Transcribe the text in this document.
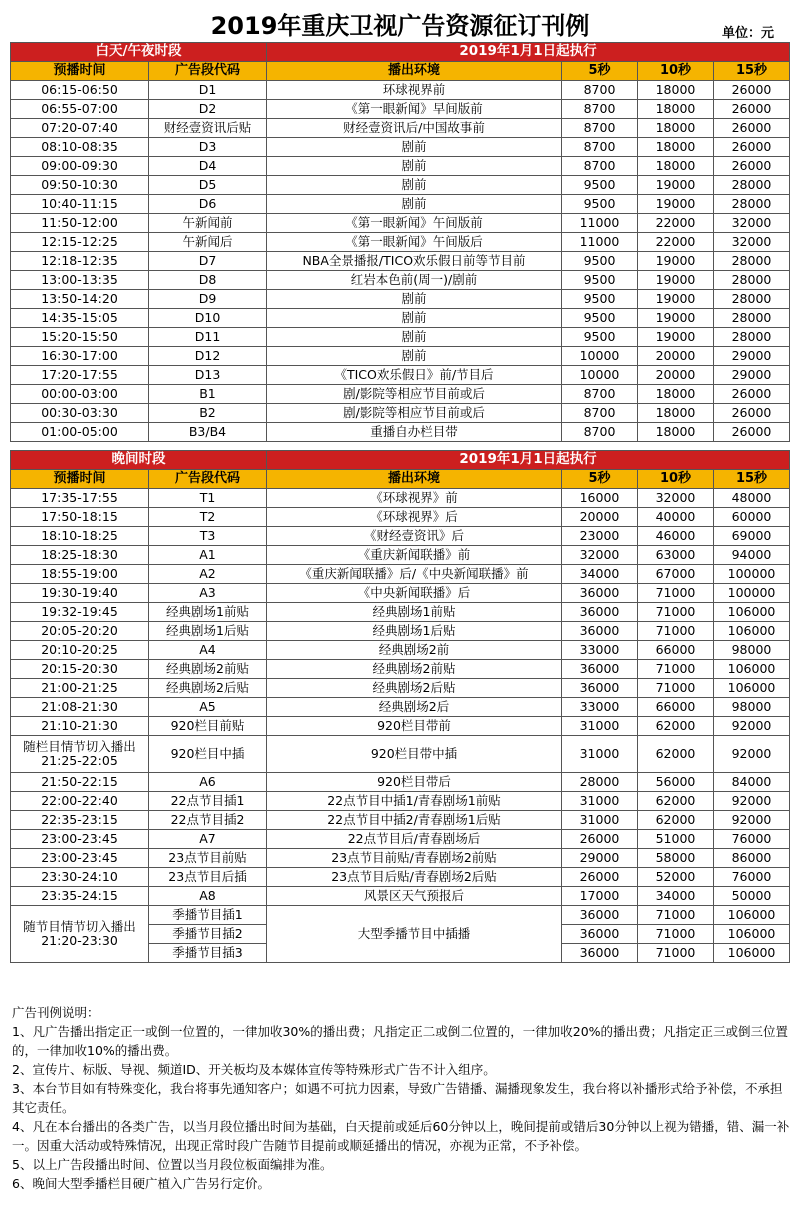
2019年重庆卫视广告资源征订刊例	单位：元
白天/午夜时段		2019年1月1日起执行			
预播时间	广告段代码	播出环境	5秒	10秒	15秒
06:15-06:50	D1	环球视界前	8700	18000	26000
06:55-07:00	D2	《第一眼新闻》早间版前	8700	18000	26000
07:20-07:40	财经壹资讯后贴	财经壹资讯后/中国故事前	8700	18000	26000
08:10-08:35	D3	剧前	8700	18000	26000
09:00-09:30	D4	剧前	8700	18000	26000
09:50-10:30	D5	剧前	9500	19000	28000
10:40-11:15	D6	剧前	9500	19000	28000
11:50-12:00	午新闻前	《第一眼新闻》午间版前	11000	22000	32000
12:15-12:25	午新闻后	《第一眼新闻》午间版后	11000	22000	32000
12:18-12:35	D7	NBA全景播报/TICO欢乐假日前等节目前	9500	19000	28000
13:00-13:35	D8	红岩本色前(周一)/剧前	9500	19000	28000
13:50-14:20	D9	剧前	9500	19000	28000
14:35-15:05	D10	剧前	9500	19000	28000
15:20-15:50	D11	剧前	9500	19000	28000
16:30-17:00	D12	剧前	10000	20000	29000
17:20-17:55	D13	《TICO欢乐假日》前/节目后	10000	20000	29000
00:00-03:00	B1	剧/影院等相应节目前或后	8700	18000	26000
00:30-03:30	B2	剧/影院等相应节目前或后	8700	18000	26000
01:00-05:00	B3/B4	重播自办栏目带	8700	18000	26000
晚间时段		2019年1月1日起执行			
预播时间	广告段代码	播出环境	5秒	10秒	15秒
17:35-17:55	T1	《环球视界》前	16000	32000	48000
17:50-18:15	T2	《环球视界》后	20000	40000	60000
18:10-18:25	T3	《财经壹资讯》后	23000	46000	69000
18:25-18:30	A1	《重庆新闻联播》前	32000	63000	94000
18:55-19:00	A2	《重庆新闻联播》后/《中央新闻联播》前	34000	67000	100000
19:30-19:40	A3	《中央新闻联播》后	36000	71000	100000
19:32-19:45	经典剧场1前贴	经典剧场1前贴	36000	71000	106000
20:05-20:20	经典剧场1后贴	经典剧场1后贴	36000	71000	106000
20:10-20:25	A4	经典剧场2前	33000	66000	98000
20:15-20:30	经典剧场2前贴	经典剧场2前贴	36000	71000	106000
21:00-21:25	经典剧场2后贴	经典剧场2后贴	36000	71000	106000
21:08-21:30	A5	经典剧场2后	33000	66000	98000
21:10-21:30	920栏目前贴	920栏目带前	31000	62000	92000

随栏目情节切入播出
21:25-22:05	920栏目中插	920栏目带中插	31000	62000	92000
21:50-22:15	A6	920栏目带后	28000	56000	84000
22:00-22:40	22点节目插1	22点节目中插1/青春剧场1前贴	31000	62000	92000
22:35-23:15	22点节目插2	22点节目中插2/青春剧场1后贴	31000	62000	92000
23:00-23:45	A7	22点节目后/青春剧场后	26000	51000	76000
23:00-23:45	23点节目前贴	23点节目前贴/青春剧场2前贴	29000	58000	86000
23:30-24:10	23点节目后插	23点节目后贴/青春剧场2后贴	26000	52000	76000
23:35-24:15	A8	风景区天气预报后	17000	34000	50000

随节目情节切入播出
21:20-23:30	季播节目插1	大型季播节目中插播	36000	71000	106000
	季播节目插2		36000	71000	106000
	季播节目插3		36000	71000	106000

广告刊例说明：

1、凡广告播出指定正一或倒一位置的，一律加收30%的播出费；凡指定正二或倒二位置的，一律加收20%的播出费；凡指定正三或倒三位置的，一律加收10%的播出费。

2、宣传片、标版、导视、频道ID、开关板均及本媒体宣传等特殊形式广告不计入组序。

3、本台节目如有特殊变化，我台将事先通知客户；如遇不可抗力因素，导致广告错播、漏播现象发生，我台将以补播形式给予补偿，不承担其它责任。

4、凡在本台播出的各类广告，以当月段位播出时间为基础，白天提前或延后60分钟以上，晚间提前或错后30分钟以上视为错播，错、漏一补一。因重大活动或特殊情况，出现正常时段广告随节目提前或顺延播出的情况，亦视为正常，不予补偿。

5、以上广告段播出时间、位置以当月段位板面编排为准。

6、晚间大型季播栏目硬广植入广告另行定价。
